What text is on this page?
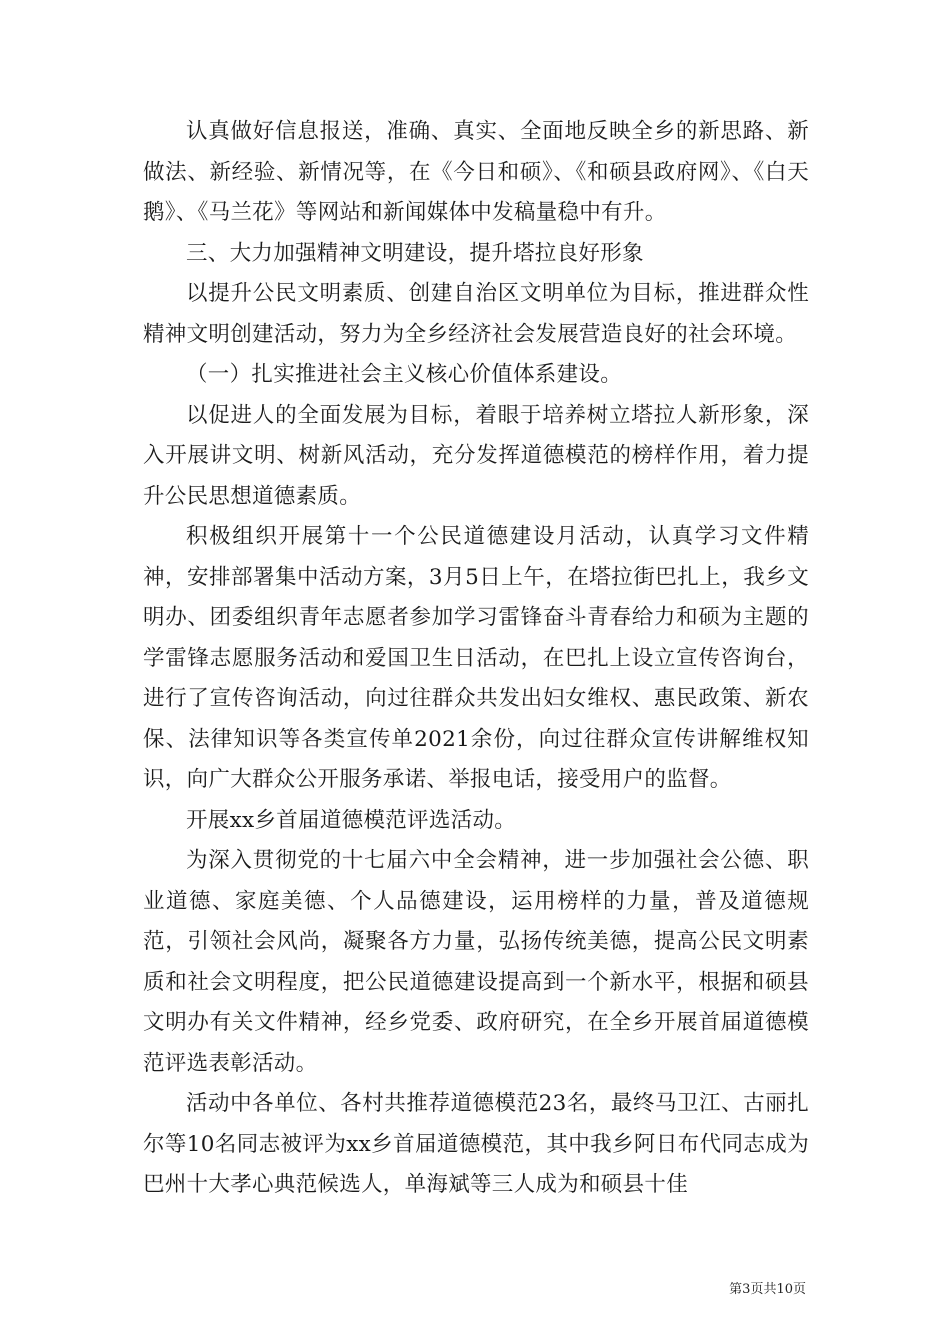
认真做好信息报送，准确、真实、全面地反映全乡的新思路、新做法、新经验、新情况等，在《今日和硕》、《和硕县政府网》、《白天鹅》、《马兰花》等网站和新闻媒体中发稿量稳中有升。

三、大力加强精神文明建设，提升塔拉良好形象

以提升公民文明素质、创建自治区文明单位为目标，推进群众性精神文明创建活动，努力为全乡经济社会发展营造良好的社会环境。

（一）扎实推进社会主义核心价值体系建设。

以促进人的全面发展为目标，着眼于培养树立塔拉人新形象，深入开展讲文明、树新风活动，充分发挥道德模范的榜样作用，着力提升公民思想道德素质。

积极组织开展第十一个公民道德建设月活动，认真学习文件精神，安排部署集中活动方案，3月5日上午，在塔拉街巴扎上，我乡文明办、团委组织青年志愿者参加学习雷锋奋斗青春给力和硕为主题的学雷锋志愿服务活动和爱国卫生日活动，在巴扎上设立宣传咨询台，进行了宣传咨询活动，向过往群众共发出妇女维权、惠民政策、新农保、法律知识等各类宣传单2021余份，向过往群众宣传讲解维权知识，向广大群众公开服务承诺、举报电话，接受用户的监督。

开展xx乡首届道德模范评选活动。

为深入贯彻党的十七届六中全会精神，进一步加强社会公德、职业道德、家庭美德、个人品德建设，运用榜样的力量，普及道德规范，引领社会风尚，凝聚各方力量，弘扬传统美德，提高公民文明素质和社会文明程度，把公民道德建设提高到一个新水平，根据和硕县文明办有关文件精神，经乡党委、政府研究，在全乡开展首届道德模范评选表彰活动。

活动中各单位、各村共推荐道德模范23名，最终马卫江、古丽扎尔等10名同志被评为xx乡首届道德模范，其中我乡阿日布代同志成为巴州十大孝心典范候选人，单海斌等三人成为和硕县十佳

第3页共10页
